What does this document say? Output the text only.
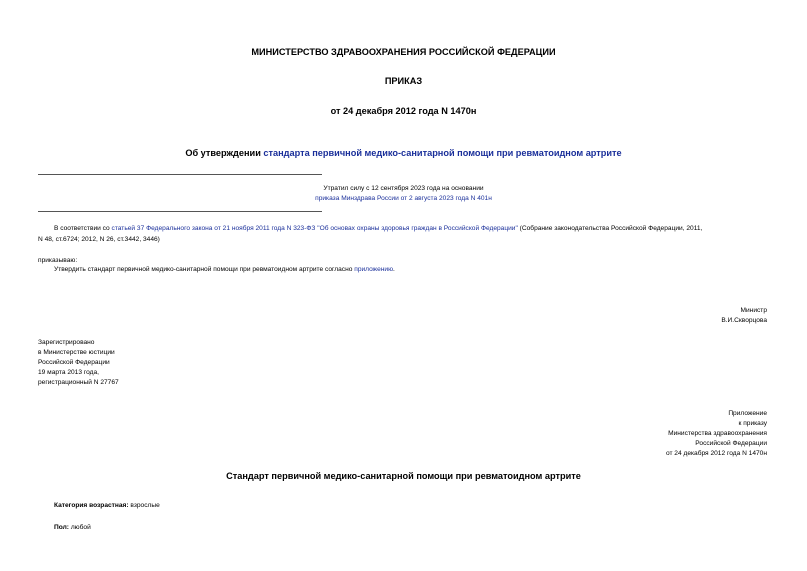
МИНИСТЕРСТВО ЗДРАВООХРАНЕНИЯ РОССИЙСКОЙ ФЕДЕРАЦИИ
ПРИКАЗ
от 24 декабря 2012 года N 1470н
Об утверждении стандарта первичной медико-санитарной помощи при ревматоидном артрите
Утратил силу с 12 сентября 2023 года на основании
приказа Минздрава России от 2 августа 2023 года N 401н
В соответствии со статьей 37 Федерального закона от 21 ноября 2011 года N 323-ФЗ "Об основах охраны здоровья граждан в Российской Федерации" (Собрание законодательства Российской Федерации, 2011,
N 48, ст.6724; 2012, N 26, ст.3442, 3446)
приказываю:
Утвердить стандарт первичной медико-санитарной помощи при ревматоидном артрите согласно приложению.
Министр
В.И.Скворцова
Зарегистрировано
в Министерстве юстиции
Российской Федерации
19 марта 2013 года,
регистрационный N 27767
Приложение
к приказу
Министерства здравоохранения
Российской Федерации
от 24 декабря 2012 года N 1470н
Стандарт первичной медико-санитарной помощи при ревматоидном артрите
Категория возрастная: взрослые
Пол: любой
